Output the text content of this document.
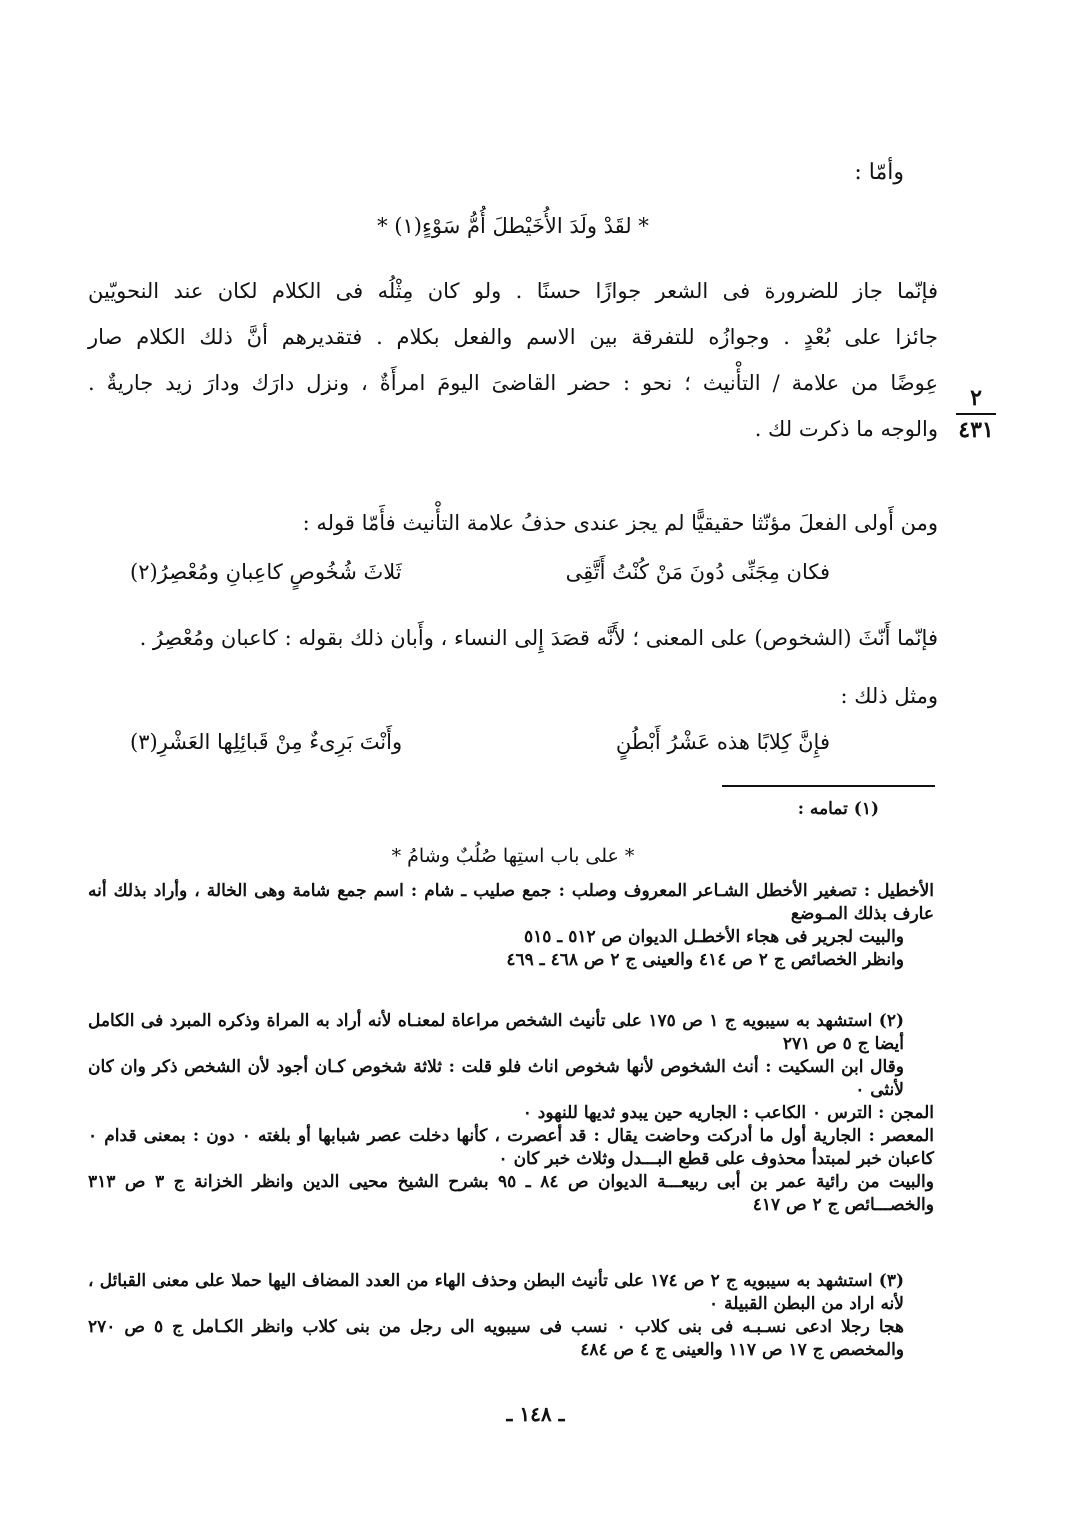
وأمّا :
* لقَدْ ولَدَ الأُخَيْطلَ أُمُّ سَوْءٍ(١) *
فإنّما جاز للضرورة فى الشعر جوازًا حسنًا . ولو كان مِثْلُه فى الكلام لكان عند النحويّين
جائزا على بُعْدٍ . وجوازُه للتفرقة بين الاسم والفعل بكلام . فتقديرهم أنَّ ذلك الكلام صار
عِوضًا من علامة / التأْنيث ؛ نحو : حضر القاضىَ اليومَ امرأَةٌ ، ونزل دارَك ودارَ زيد جاريةٌ .
والوجه ما ذكرت لك .
ومن أَولى الفعلَ مؤنّثا حقيقيًّا لم يجز عندى حذفُ علامة التأْنيث فأَمّا قوله :
٢
٤٣١
فكان مِجَنِّى دُونَ مَنْ كُنْتُ أَتَّقِى
ثَلاثَ شُخُوصٍ كاعِبانِ ومُعْصِرُ(٢)
فإنّما أَنّثَ (الشخوص) على المعنى ؛ لأَنَّه قصَدَ إِلى النساء ، وأَبان ذلك بقوله : كاعبان ومُعْصِرُ .
ومثل ذلك :
فإِنَّ كِلابًا هذه عَشْرُ أَبْطُنٍ
وأَنْتَ بَرِىءٌ مِنْ قَبائِلِها العَشْرِ(٣)

(١) تمامه :

* على باب استِها صُلُبٌ وشامُ *

الأخطيل : تصغير الأخطل الشـاعر المعروف وصلب : جمع صليب ـ شام : اسم جمع شامة وهى الخالة ، وأراد بذلك أنه عارف بذلك المـوضع

والبيت لجرير فى هجاء الأخطـل الديوان ص ٥١٢ ـ ٥١٥

وانظر الخصائص ج ٢ ص ٤١٤ والعينى ج ٢ ص ٤٦٨ ـ ٤٦٩

(٢) استشهد به سيبويه ج ١ ص ١٧٥ على تأنيث الشخص مراعاة لمعنـاه لأنه أراد به المراة وذكره المبرد فى الكامل أيضا ج ٥ ص ٢٧١

وقال ابن السكيت : أنث الشخوص لأنها شخوص اناث فلو قلت : ثلاثة شخوص كـان أجود لأن الشخص ذكر وان كان لأنثى ٠

المجن : الترس ٠ الكاعب : الجاريه حين يبدو ثديها للنهود ٠

المعصر : الجارية أول ما أدركت وحاضت يقال : قد أعصرت ، كأنها دخلت عصر شبابها أو بلغته ٠ دون : بمعنى قدام ٠ كاعبان خبر لمبتدأ محذوف على قطع البـــدل وثلاث خبر كان ٠

والبيت من رائية عمر بن أبى ربيعـــة الديوان ص ٨٤ ـ ٩٥ بشرح الشيخ محيى الدين وانظر الخزانة ج ٣ ص ٣١٣ والخصـــائص ج ٢ ص ٤١٧

(٣) استشهد به سيبويه ج ٢ ص ١٧٤ على تأنيث البطن وحذف الهاء من العدد المضاف اليها حملا على معنى القبائل ، لأنه اراد من البطن القبيلة ٠

هجا رجلا ادعى نسـبـه فى بنى كلاب ٠ نسب فى سيبويه الى رجل من بنى كلاب وانظر الكـامل ج ٥ ص ٢٧٠ والمخصص ج ١٧ ص ١١٧ والعينى ج ٤ ص ٤٨٤

ـ ١٤٨ ـ
